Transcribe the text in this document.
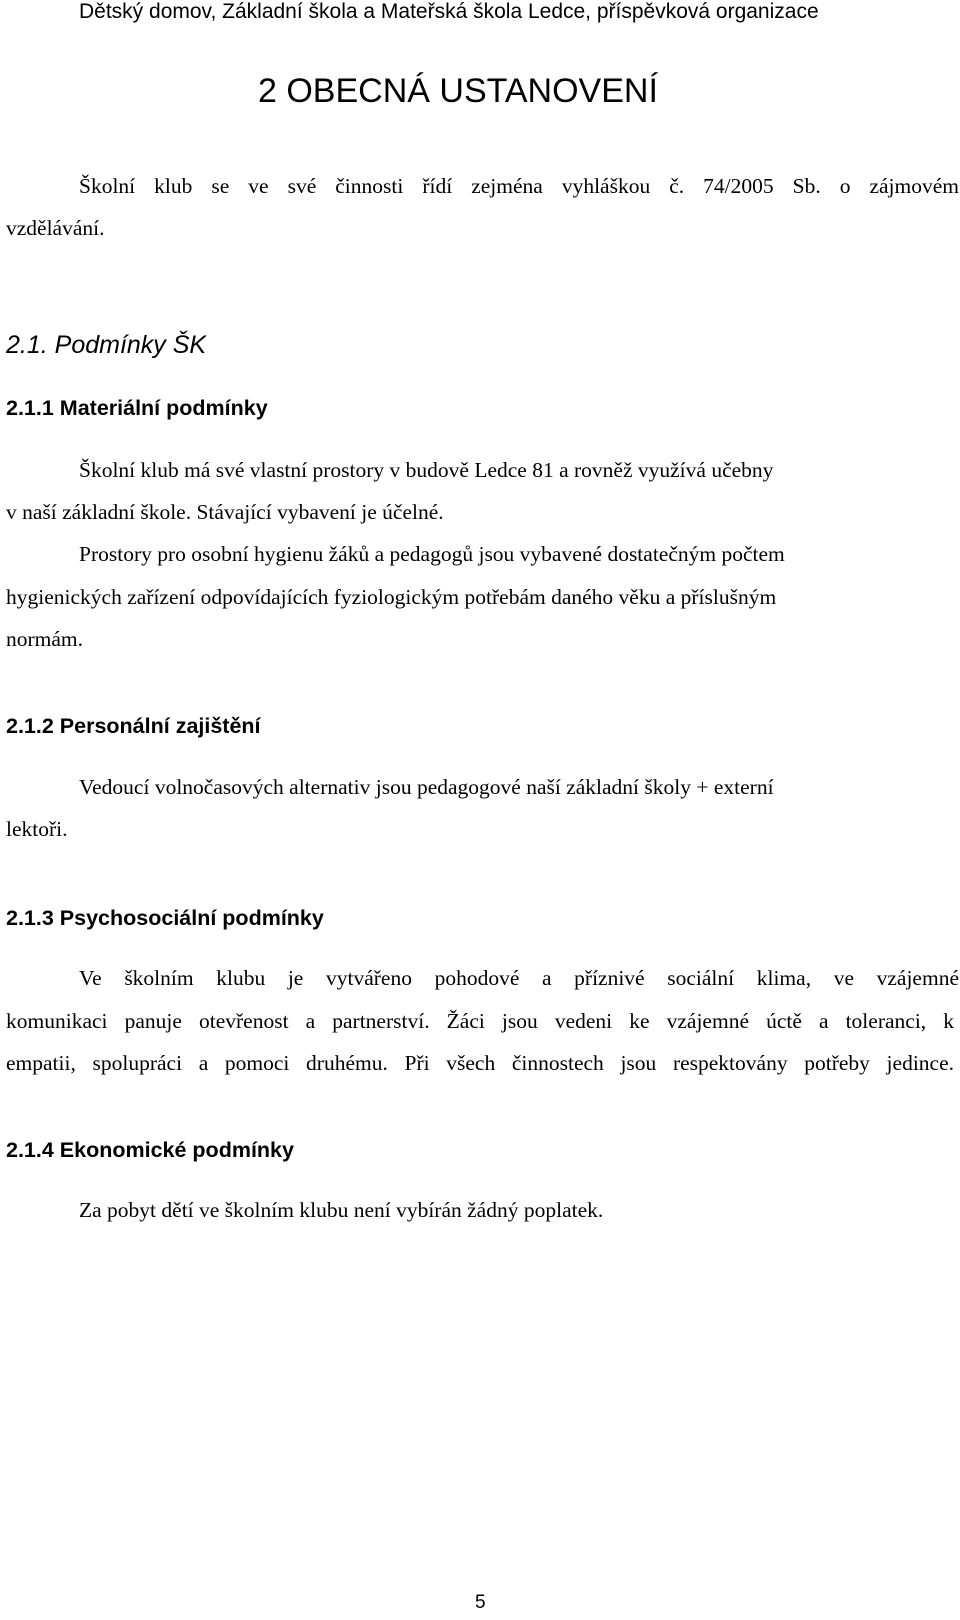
Dětský domov, Základní škola a Mateřská škola Ledce, příspěvková organizace
2 OBECNÁ USTANOVENÍ
Školní klub se ve své činnosti řídí zejména vyhláškou č. 74/2005 Sb. o zájmovém
vzdělávání.
2.1. Podmínky ŠK
2.1.1 Materiální podmínky
Školní klub má své vlastní prostory v budově Ledce 81 a rovněž využívá učebny
v naší základní škole. Stávající vybavení je účelné.
Prostory pro osobní hygienu žáků a pedagogů jsou vybavené dostatečným počtem
hygienických zařízení odpovídajících fyziologickým potřebám daného věku a příslušným
normám.
2.1.2 Personální zajištění
Vedoucí volnočasových alternativ jsou pedagogové naší základní školy + externí
lektoři.
2.1.3 Psychosociální podmínky
Ve školním klubu je vytvářeno pohodové a příznivé sociální klima, ve vzájemné
komunikaci panuje otevřenost a partnerství. Žáci jsou vedeni ke vzájemné úctě a toleranci, k
empatii, spolupráci a pomoci druhému. Při všech činnostech jsou respektovány potřeby jedince.
2.1.4 Ekonomické podmínky
Za pobyt dětí ve školním klubu není vybírán žádný poplatek.
5
